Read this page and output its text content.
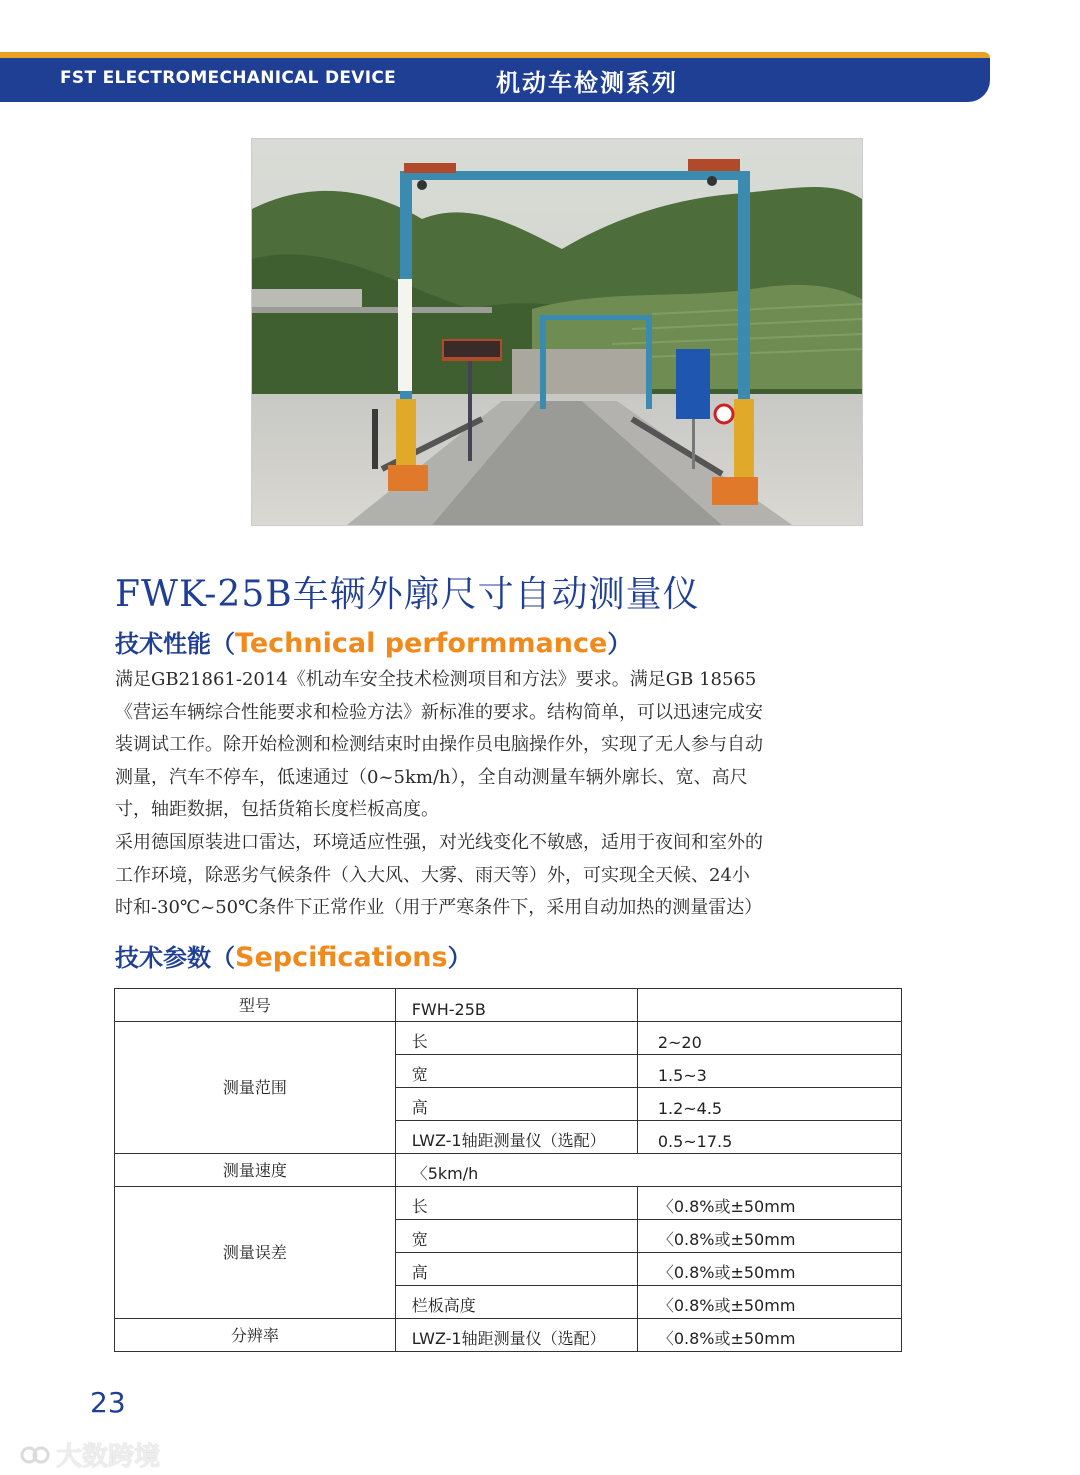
FST ELECTROMECHANICAL DEVICE	机动车检测系列
FWK-25B车辆外廓尺寸自动测量仪
技术性能（Technical performmance）

满足GB21861-2014《机动车安全技术检测项目和方法》要求。满足GB 18565

《营运车辆综合性能要求和检验方法》新标准的要求。结构简单，可以迅速完成安

装调试工作。除开始检测和检测结束时由操作员电脑操作外，实现了无人参与自动

测量，汽车不停车，低速通过（0~5km/h），全自动测量车辆外廓长、宽、高尺

寸，轴距数据，包括货箱长度栏板高度。

采用德国原装进口雷达，环境适应性强，对光线变化不敏感，适用于夜间和室外的

工作环境，除恶劣气候条件（入大风、大雾、雨天等）外，可实现全天候、24小

时和-30℃~50℃条件下正常作业（用于严寒条件下，采用自动加热的测量雷达）

技术参数（Sepcifications）
型号	FWH-25B	
测量范围	长	2~20
	宽	1.5~3
	高	1.2~4.5
	LWZ-1轴距测量仪（选配）	0.5~17.5
测量速度	〈5km/h	
测量误差	长	〈0.8%或±50mm
	宽	〈0.8%或±50mm
	高	〈0.8%或±50mm
	栏板高度	〈0.8%或±50mm
分辨率	LWZ-1轴距测量仪（选配）	〈0.8%或±50mm
23
大数跨境
